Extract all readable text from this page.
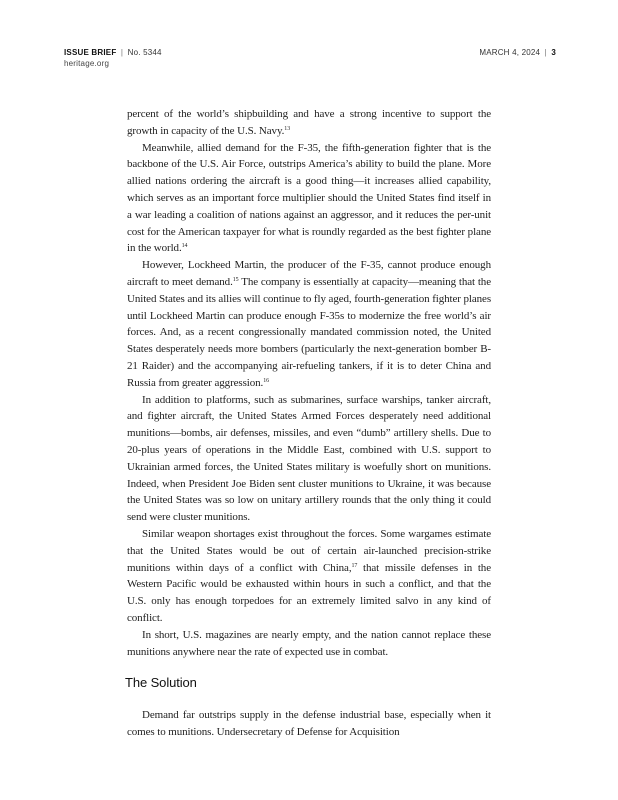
ISSUE BRIEF | No. 5344	MARCH 4, 2024 | 3
heritage.org

percent of the world’s shipbuilding and have a strong incentive to support the growth in capacity of the U.S. Navy.$^{13}$

Meanwhile, allied demand for the F-35, the fifth-generation fighter that is the backbone of the U.S. Air Force, outstrips America’s ability to build the plane. More allied nations ordering the aircraft is a good thing—it increases allied capability, which serves as an important force multiplier should the United States find itself in a war leading a coalition of nations against an aggressor, and it reduces the per-unit cost for the American taxpayer for what is roundly regarded as the best fighter plane in the world.$^{14}$

However, Lockheed Martin, the producer of the F-35, cannot produce enough aircraft to meet demand.$^{15}$ The company is essentially at capacity—meaning that the United States and its allies will continue to fly aged, fourth-generation fighter planes until Lockheed Martin can produce enough F-35s to modernize the free world’s air forces. And, as a recent congressionally mandated commission noted, the United States desperately needs more bombers (particularly the next-generation bomber B-21 Raider) and the accompanying air-refueling tankers, if it is to deter China and Russia from greater aggression.$^{16}$

In addition to platforms, such as submarines, surface warships, tanker aircraft, and fighter aircraft, the United States Armed Forces desperately need additional munitions—bombs, air defenses, missiles, and even “dumb” artillery shells. Due to 20-plus years of operations in the Middle East, combined with U.S. support to Ukrainian armed forces, the United States military is woefully short on munitions. Indeed, when President Joe Biden sent cluster munitions to Ukraine, it was because the United States was so low on unitary artillery rounds that the only thing it could send were cluster munitions.

Similar weapon shortages exist throughout the forces. Some wargames estimate that the United States would be out of certain air-launched precision-strike munitions within days of a conflict with China,$^{17}$ that missile defenses in the Western Pacific would be exhausted within hours in such a conflict, and that the U.S. only has enough torpedoes for an extremely limited salvo in any kind of conflict.

In short, U.S. magazines are nearly empty, and the nation cannot replace these munitions anywhere near the rate of expected use in combat.

The Solution

Demand far outstrips supply in the defense industrial base, especially when it comes to munitions. Undersecretary of Defense for Acquisition
